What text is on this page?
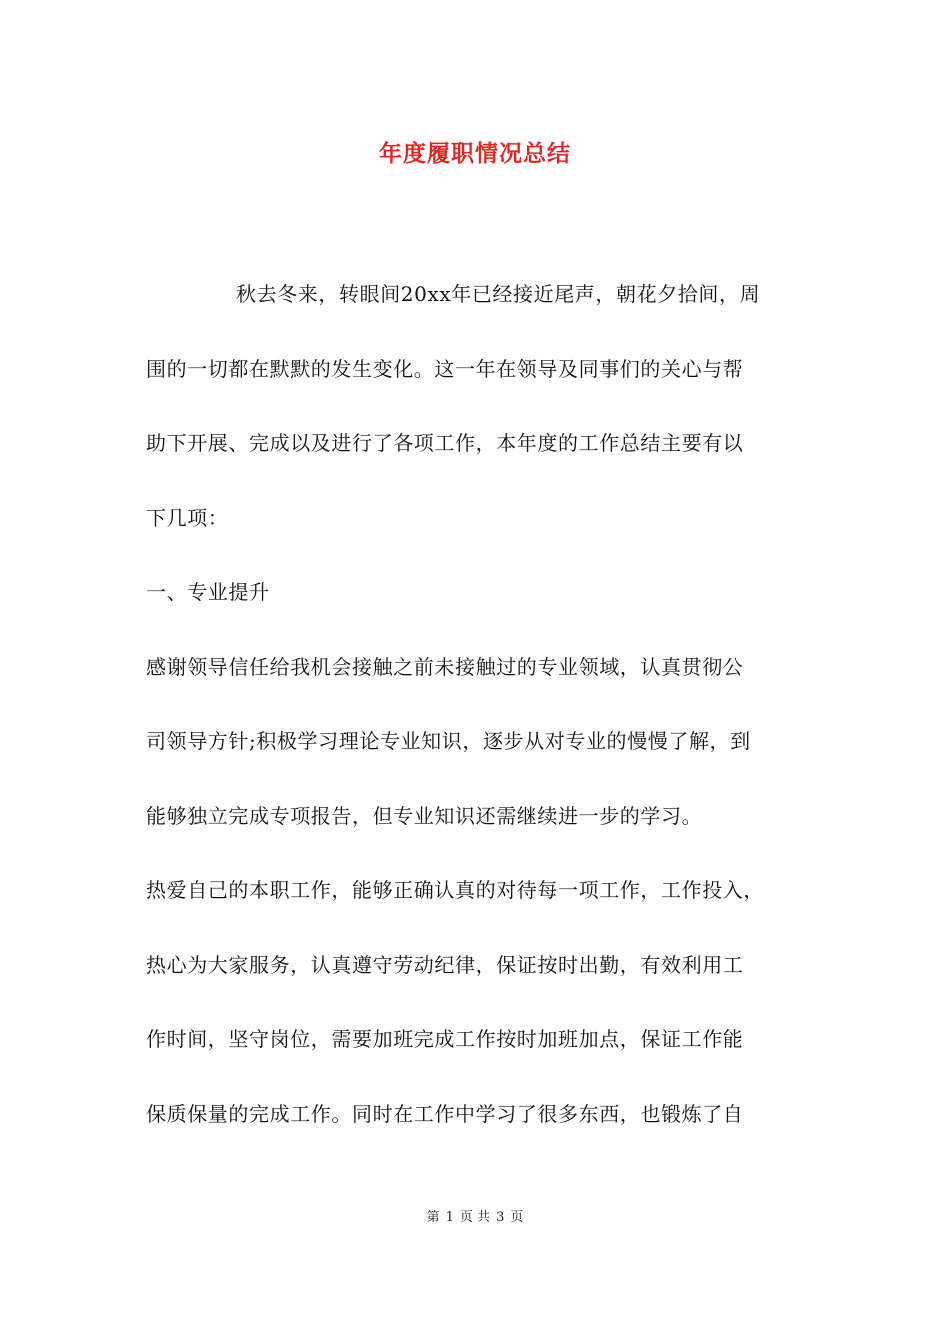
年度履职情况总结
秋去冬来，转眼间20xx年已经接近尾声，朝花夕拾间，周
围的一切都在默默的发生变化。这一年在领导及同事们的关心与帮
助下开展、完成以及进行了各项工作，本年度的工作总结主要有以
下几项：
一、专业提升
感谢领导信任给我机会接触之前未接触过的专业领域，认真贯彻公
司领导方针;积极学习理论专业知识，逐步从对专业的慢慢了解，到
能够独立完成专项报告，但专业知识还需继续进一步的学习。
热爱自己的本职工作，能够正确认真的对待每一项工作，工作投入，
热心为大家服务，认真遵守劳动纪律，保证按时出勤，有效利用工
作时间，坚守岗位，需要加班完成工作按时加班加点，保证工作能
保质保量的完成工作。同时在工作中学习了很多东西，也锻炼了自
第 1 页 共 3 页
